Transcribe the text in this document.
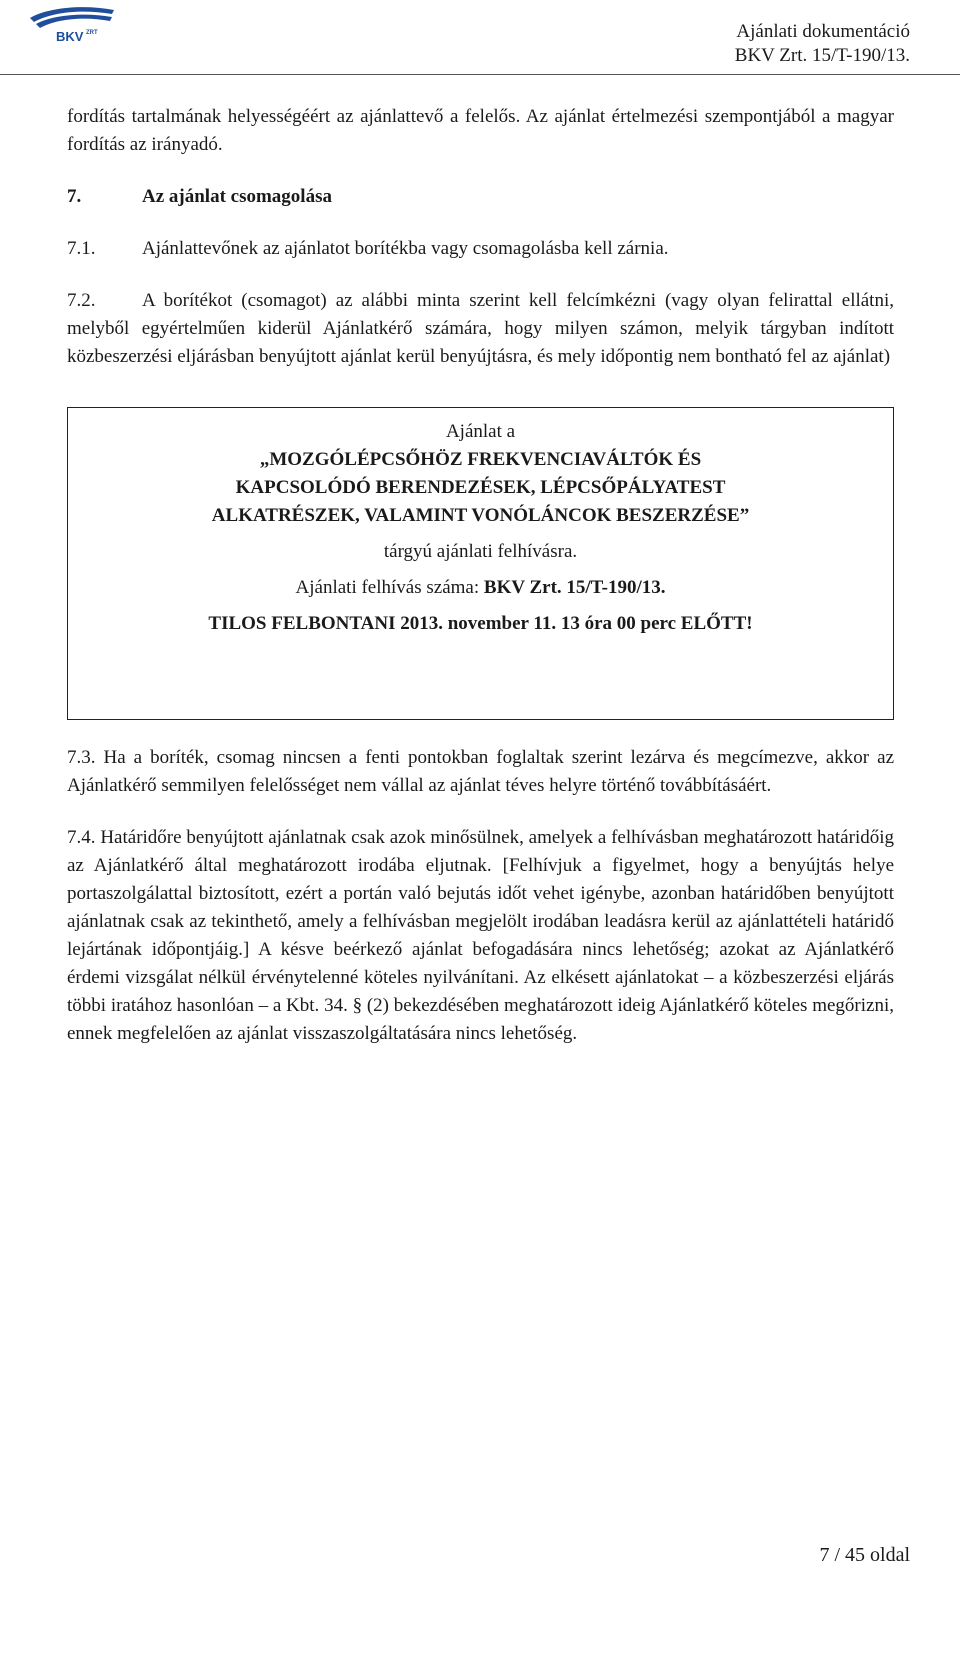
BKV ZRT	Ajánlati dokumentáció
BKV Zrt. 15/T-190/13.

fordítás tartalmának helyességéért az ajánlattevő a felelős. Az ajánlat értelmezési szempontjából a magyar fordítás az irányadó.

7.	Az ajánlat csomagolása
7.1.	Ajánlattevőnek az ajánlatot borítékba vagy csomagolásba kell zárnia.

7.2. A borítékot (csomagot) az alábbi minta szerint kell felcímkézni (vagy olyan felirattal ellátni, melyből egyértelműen kiderül Ajánlatkérő számára, hogy milyen számon, melyik tárgyban indított közbeszerzési eljárásban benyújtott ajánlat kerül benyújtásra, és mely időpontig nem bontható fel az ajánlat)

Ajánlat a
„MOZGÓLÉPCSŐHÖZ FREKVENCIAVÁLTÓK ÉS
KAPCSOLÓDÓ BERENDEZÉSEK, LÉPCSŐPÁLYATEST
ALKATRÉSZEK, VALAMINT VONÓLÁNCOK BESZERZÉSE”
tárgyú ajánlati felhívásra.
Ajánlati felhívás száma: BKV Zrt. 15/T-190/13.
TILOS FELBONTANI 2013. november 11. 13 óra 00 perc ELŐTT!

7.3. Ha a boríték, csomag nincsen a fenti pontokban foglaltak szerint lezárva és megcímezve, akkor az Ajánlatkérő semmilyen felelősséget nem vállal az ajánlat téves helyre történő továbbításáért.

7.4. Határidőre benyújtott ajánlatnak csak azok minősülnek, amelyek a felhívásban meghatározott határidőig az Ajánlatkérő által meghatározott irodába eljutnak. [Felhívjuk a figyelmet, hogy a benyújtás helye portaszolgálattal biztosított, ezért a portán való bejutás időt vehet igénybe, azonban határidőben benyújtott ajánlatnak csak az tekinthető, amely a felhívásban megjelölt irodában leadásra kerül az ajánlattételi határidő lejártának időpontjáig.] A késve beérkező ajánlat befogadására nincs lehetőség; azokat az Ajánlatkérő érdemi vizsgálat nélkül érvénytelenné köteles nyilvánítani. Az elkésett ajánlatokat – a közbeszerzési eljárás többi iratához hasonlóan – a Kbt. 34. § (2) bekezdésében meghatározott ideig Ajánlatkérő köteles megőrizni, ennek megfelelően az ajánlat visszaszolgáltatására nincs lehetőség.

7 / 45 oldal
